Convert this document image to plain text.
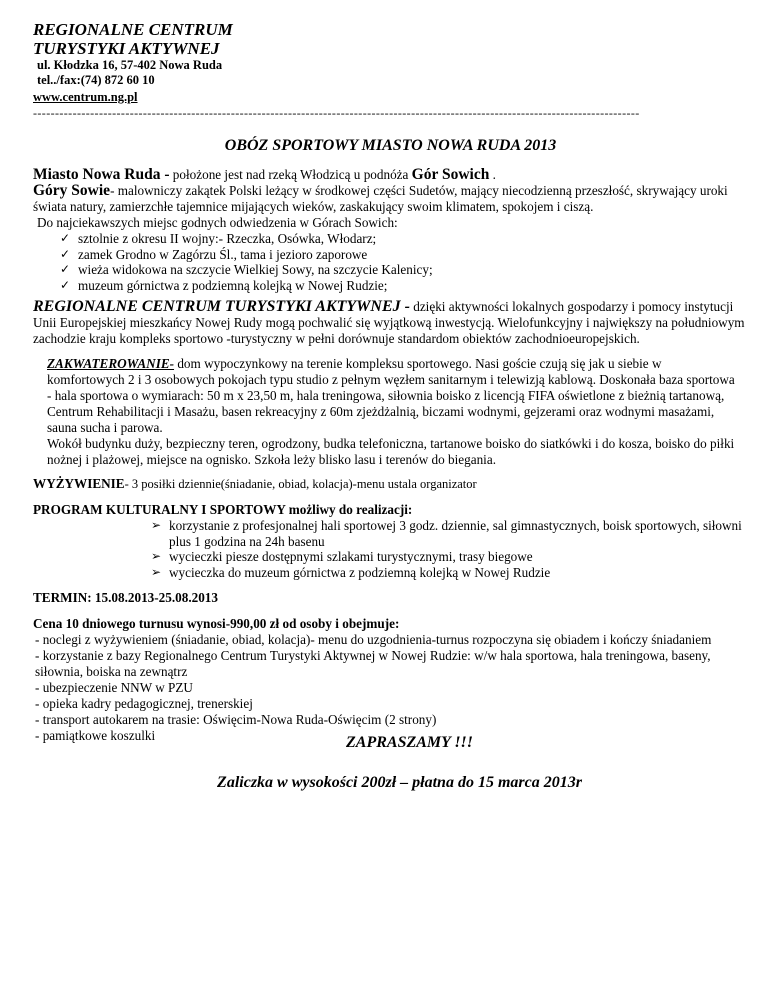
REGIONALNE CENTRUM

TURYSTYKI AKTYWNEJ

ul. Kłodzka 16, 57-402 Nowa Ruda

tel../fax:(74) 872 60 10

www.centrum.ng.pl
------------------------------------------------------------------------------------------------------------------------------------------
OBÓZ SPORTOWY MIASTO NOWA RUDA 2013

Miasto Nowa Ruda - położone jest nad rzeką Włodzicą u podnóża Gór Sowich .

Góry Sowie- malowniczy zakątek Polski leżący w środkowej części Sudetów, mający niecodzienną przeszłość, skrywający uroki świata natury, zamierzchłe tajemnice mijających wieków, zaskakujący swoim klimatem, spokojem i ciszą.

Do najciekawszych miejsc godnych odwiedzenia w Górach Sowich:

✓ sztolnie z okresu II wojny:- Rzeczka, Osówka, Włodarz;
✓ zamek Grodno w Zagórzu Śl., tama i jezioro zaporowe
✓ wieża widokowa na szczycie Wielkiej Sowy, na szczycie Kalenicy;
✓ muzeum górnictwa z podziemną kolejką w Nowej Rudzie;

REGIONALNE CENTRUM TURYSTYKI AKTYWNEJ - dzięki aktywności lokalnych gospodarzy i pomocy instytucji Unii Europejskiej mieszkańcy Nowej Rudy mogą pochwalić się wyjątkową inwestycją. Wielofunkcyjny i największy na południowym zachodzie kraju kompleks sportowo -turystyczny w pełni dorównuje standardom obiektów zachodnioeuropejskich.

ZAKWATEROWANIE- dom wypoczynkowy na terenie kompleksu sportowego. Nasi goście czują się jak u siebie w komfortowych 2 i 3 osobowych pokojach typu studio z pełnym węzłem sanitarnym i telewizją kablową. Doskonała baza sportowa - hala sportowa o wymiarach: 50 m x 23,50 m, hala treningowa, siłownia boisko z licencją FIFA oświetlone z bieżnią tartanową, Centrum Rehabilitacji i Masażu, basen rekreacyjny z 60m zjeżdżalnią, biczami wodnymi, gejzerami oraz wodnymi masażami, sauna sucha i parowa.

Wokół budynku duży, bezpieczny teren, ogrodzony, budka telefoniczna, tartanowe boisko do siatkówki i do kosza, boisko do piłki nożnej i plażowej, miejsce na ognisko. Szkoła leży blisko lasu i terenów do biegania.

WYŻYWIENIE- 3 posiłki dziennie(śniadanie, obiad, kolacja)-menu ustala organizator

PROGRAM KULTURALNY I SPORTOWY możliwy do realizacji:

➢ korzystanie z profesjonalnej hali sportowej 3 godz. dziennie, sal gimnastycznych, boisk sportowych, siłowni plus 1 godzina na 24h basenu
➢ wycieczki piesze dostępnymi szlakami turystycznymi, trasy biegowe
➢ wycieczka do muzeum górnictwa z podziemną kolejką w Nowej Rudzie

TERMIN: 15.08.2013-25.08.2013

Cena 10 dniowego turnusu wynosi-990,00 zł od osoby i obejmuje:

- noclegi z wyżywieniem (śniadanie, obiad, kolacja)- menu do uzgodnienia-turnus rozpoczyna się obiadem i kończy śniadaniem

- korzystanie z bazy Regionalnego Centrum Turystyki Aktywnej w Nowej Rudzie: w/w hala sportowa, hala treningowa, baseny, siłownia, boiska na zewnątrz

- ubezpieczenie NNW w PZU

- opieka kadry pedagogicznej, trenerskiej

- transport autokarem na trasie: Oświęcim-Nowa Ruda-Oświęcim (2 strony)

- pamiątkowe koszulki	ZAPRASZAMY !!!
Zaliczka w wysokości 200zł – płatna do 15 marca 2013r
